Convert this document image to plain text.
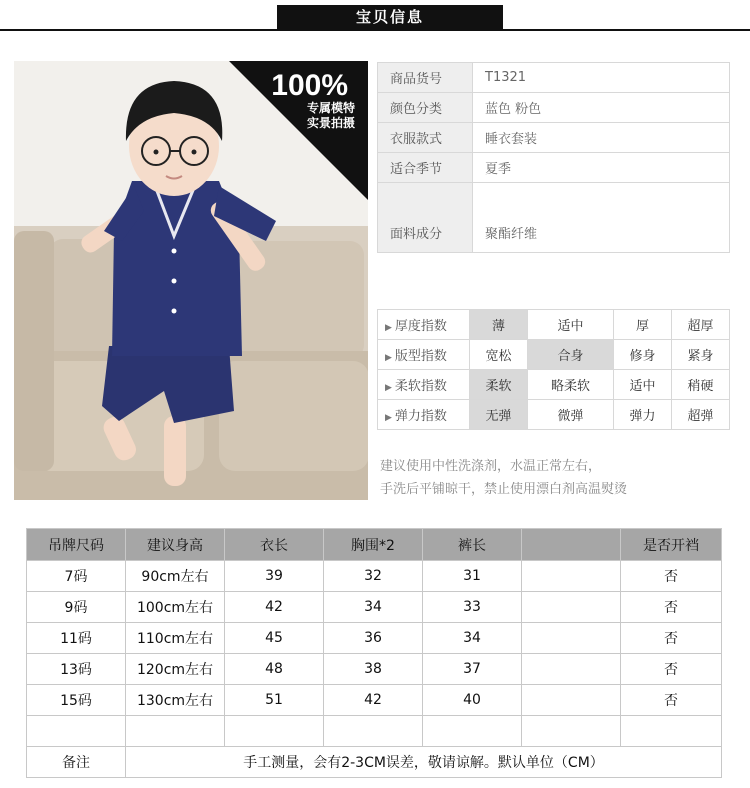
宝贝信息
100%
专属模特
实景拍摄
商品货号	T1321
颜色分类	蓝色 粉色
衣服款式	睡衣套装
适合季节	夏季
面料成分	聚酯纤维
▶ 厚度指数	薄	适中	厚	超厚
▶ 版型指数	宽松	合身	修身	紧身
▶ 柔软指数	柔软	略柔软	适中	稍硬
▶ 弹力指数	无弹	微弹	弹力	超弹
建议使用中性洗涤剂，水温正常左右，
手洗后平铺晾干，禁止使用漂白剂高温熨烫
吊牌尺码	建议身高	衣长	胸围*2	裤长		是否开裆
7码	90cm左右	39	32	31		否
9码	100cm左右	42	34	33		否
11码	110cm左右	45	36	34		否
13码	120cm左右	48	38	37		否
15码	130cm左右	51	42	40		否

备注	手工测量，会有2-3CM误差，敬请谅解。默认单位（CM）					
